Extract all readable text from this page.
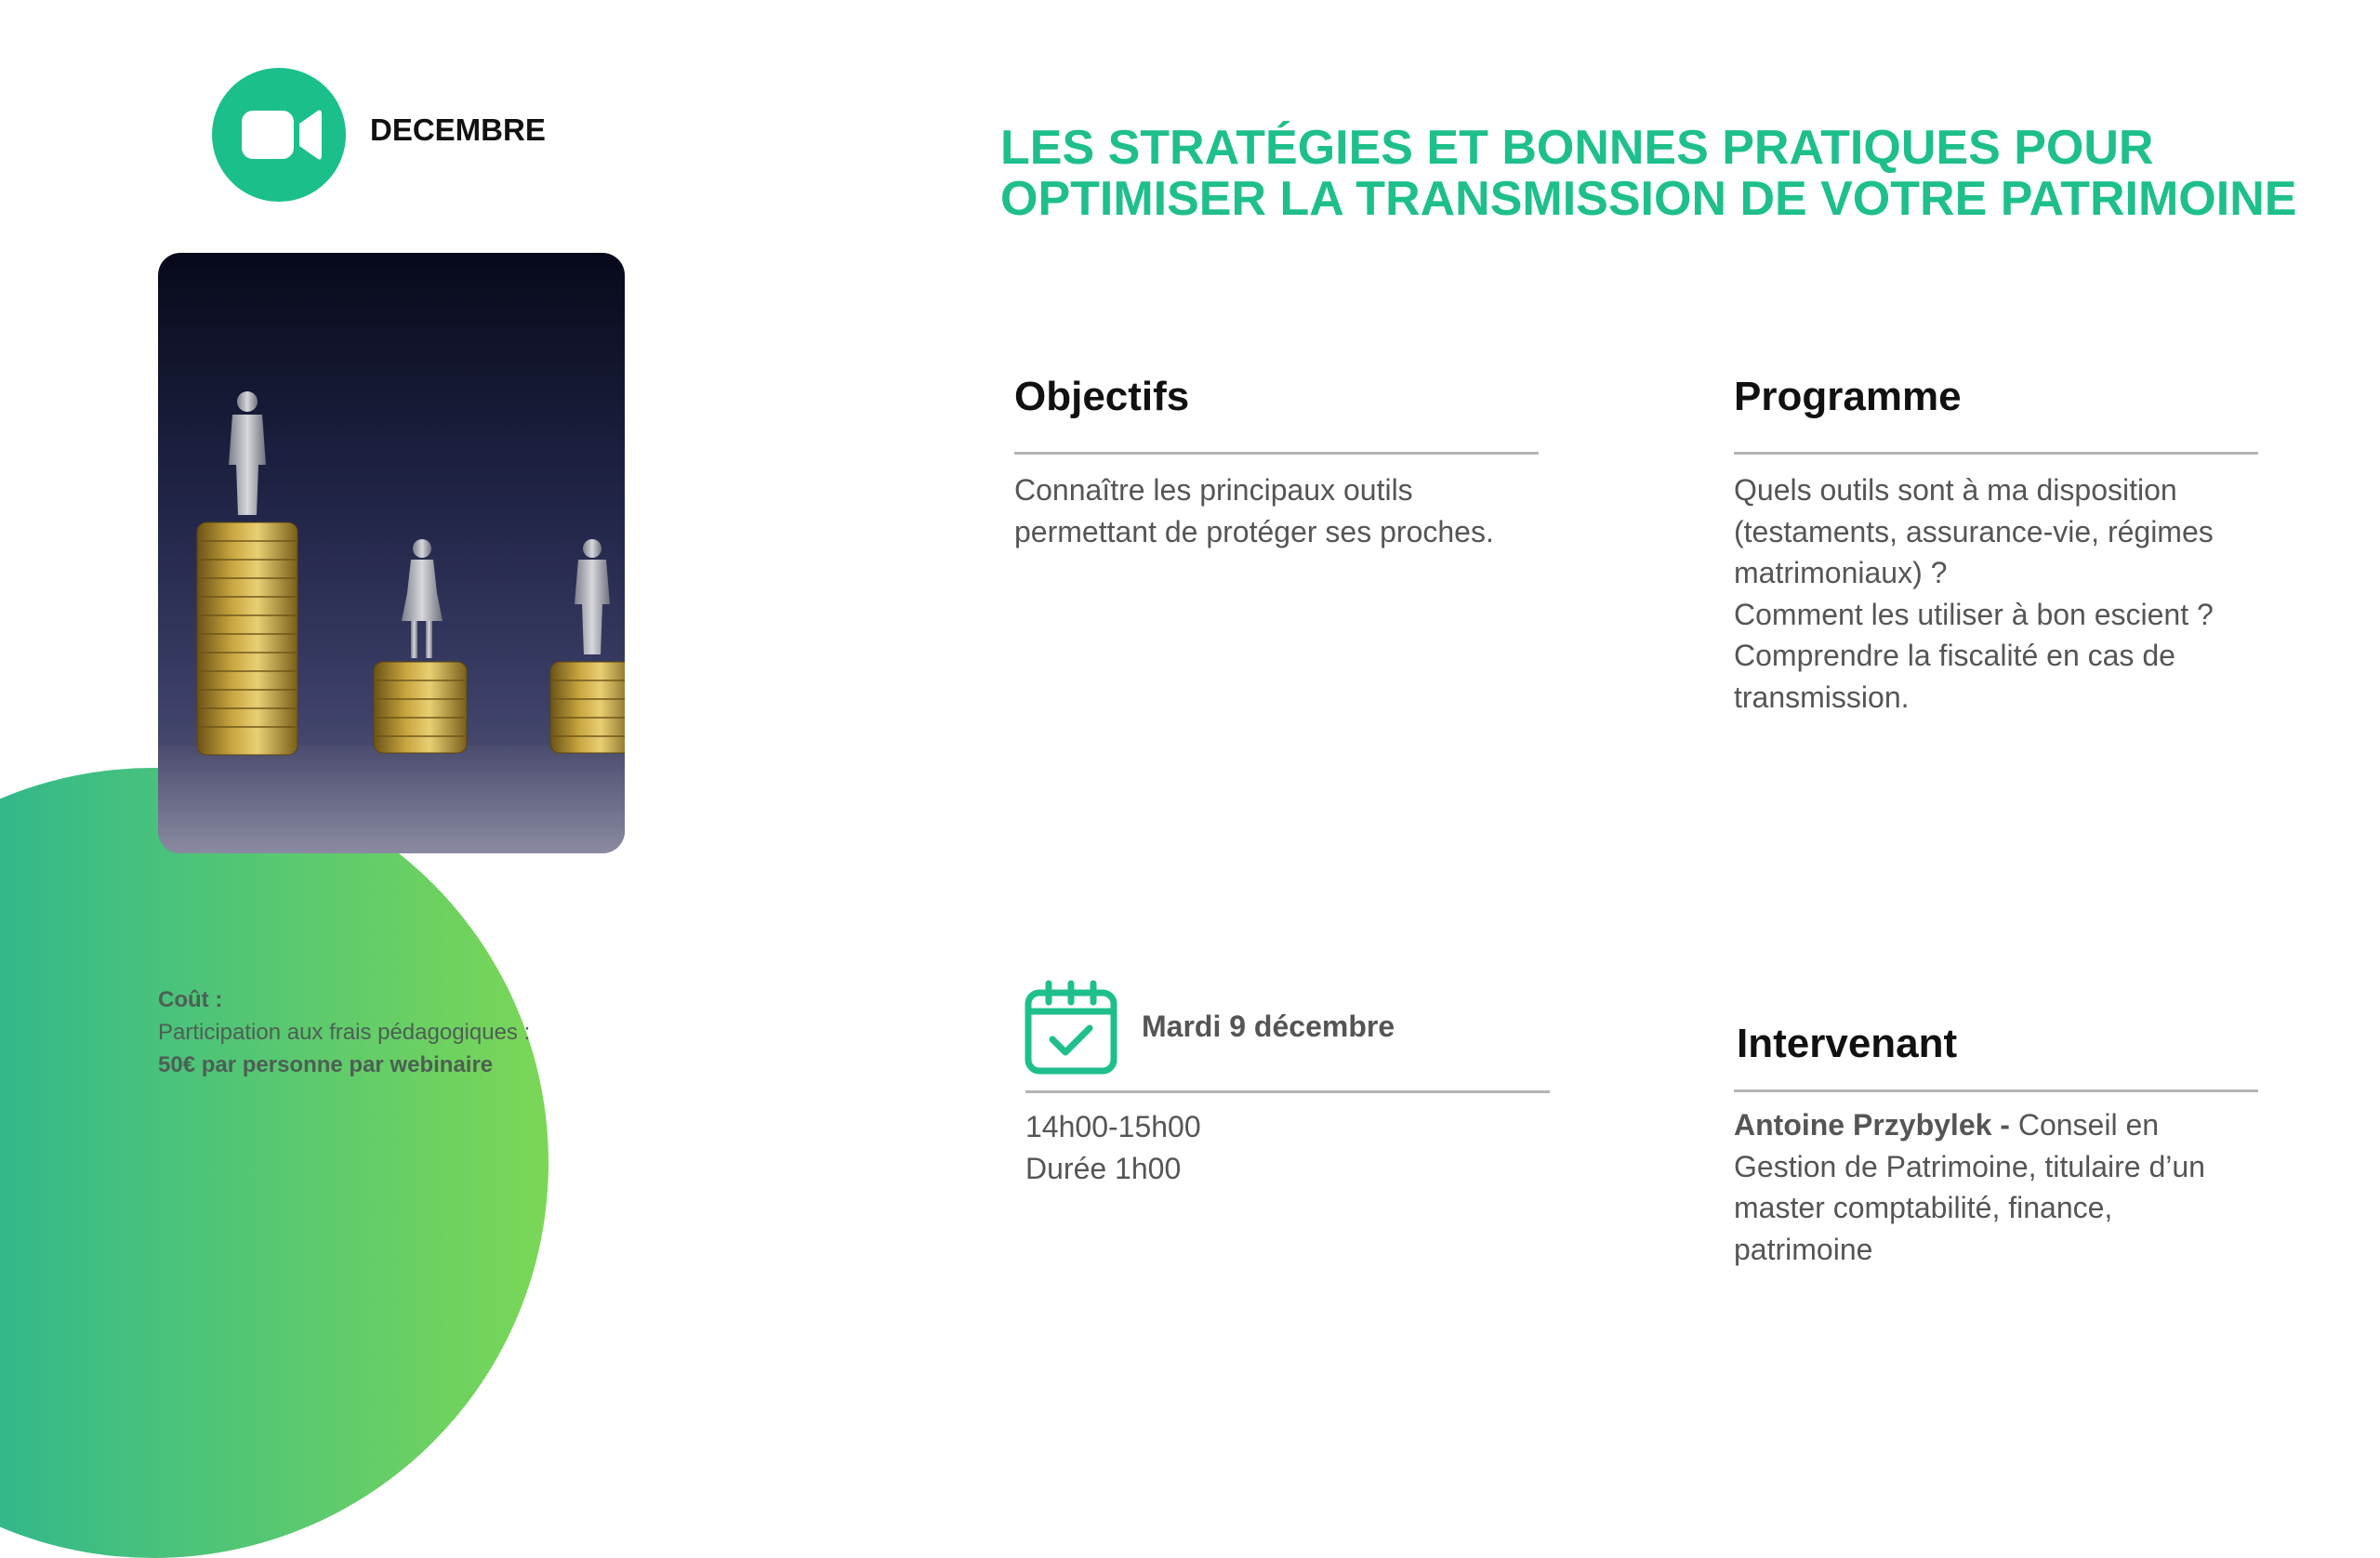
DECEMBRE	LES STRATÉGIES ET BONNES PRATIQUES POUR OPTIMISER LA TRANSMISSION DE VOTRE PATRIMOINE
Objectifs
Connaître les principaux outils permettant de protéger ses proches.
Programme
Quels outils sont à ma disposition (testaments, assurance-vie, régimes matrimoniaux) ?
Comment les utiliser à bon escient ?
Comprendre la fiscalité en cas de transmission.
Coût :
Participation aux frais pédagogiques :
50€ par personne par webinaire
Mardi 9 décembre
14h00-15h00
Durée 1h00
Intervenant
Antoine Przybylek - Conseil en Gestion de Patrimoine, titulaire d’un master comptabilité, finance, patrimoine
